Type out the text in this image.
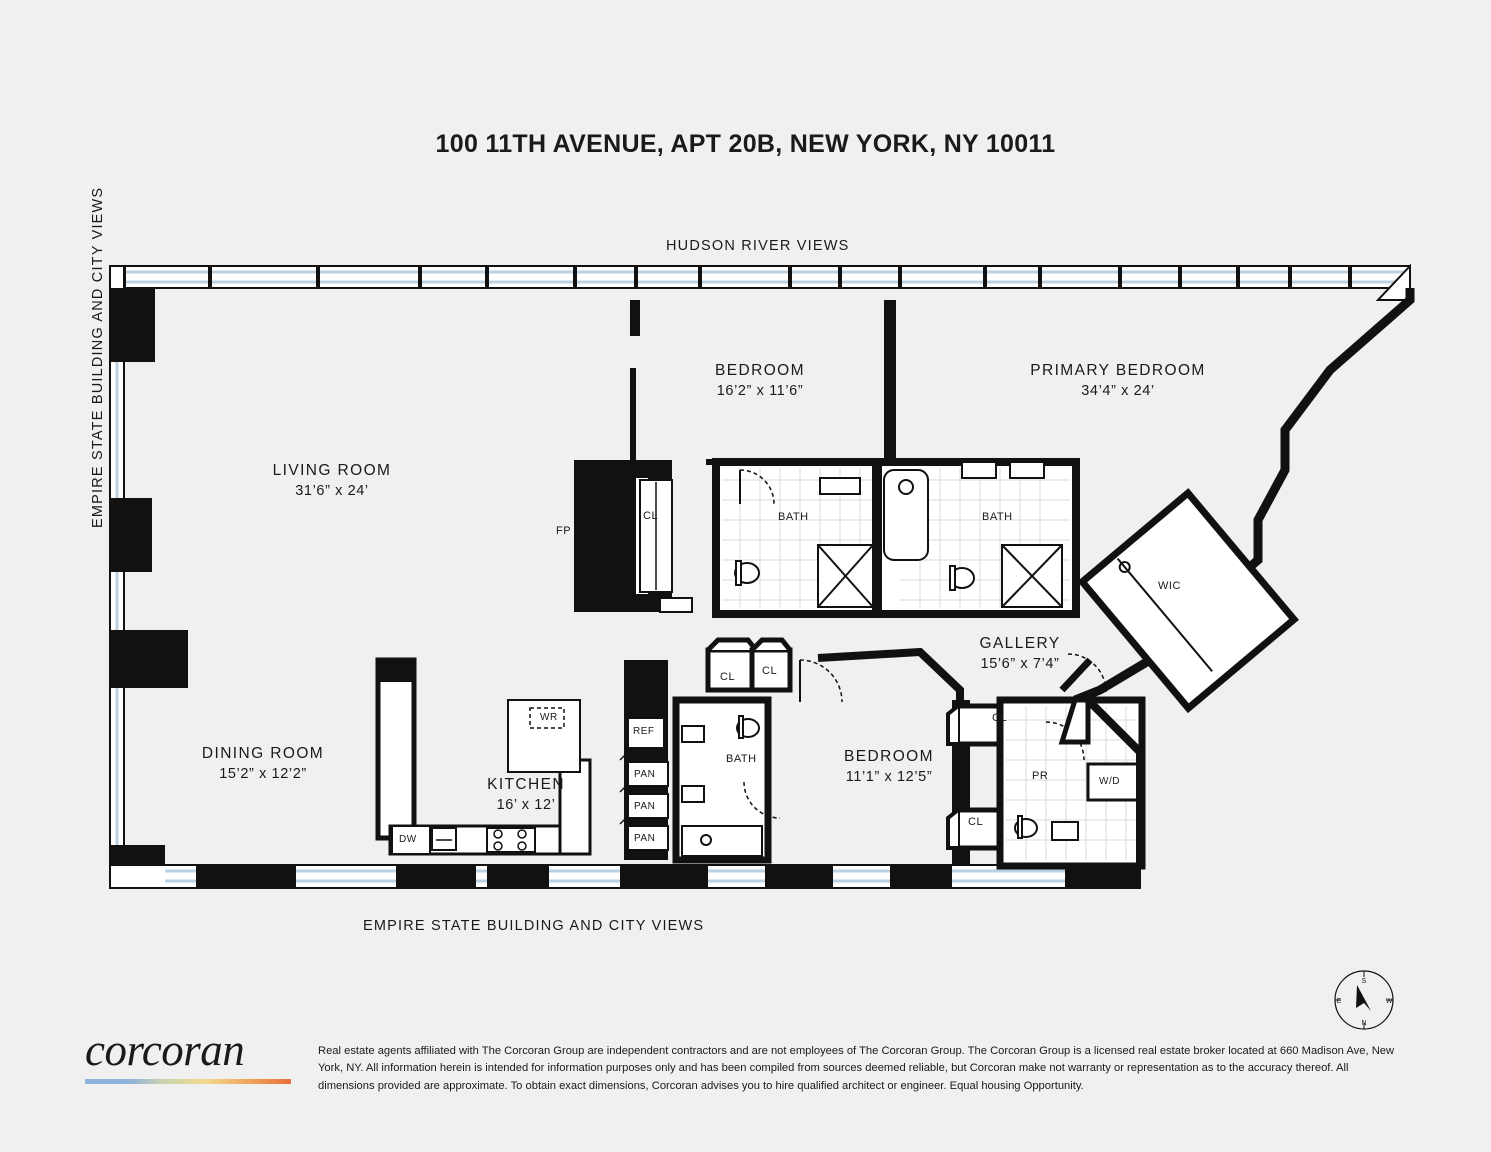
100 11TH AVENUE, APT 20B, NEW YORK, NY 10011
HUDSON RIVER VIEWS
EMPIRE STATE BUILDING AND CITY VIEWS
EMPIRE STATE BUILDING AND CITY VIEWS	LIVING ROOM
31’6” x 24’
BEDROOM
16’2” x 11’6”
PRIMARY BEDROOM
34’4” x 24’
DINING ROOM
15’2” x 12’2”
KITCHEN
16’ x 12’
GALLERY
15’6” x 7’4”
BEDROOM
11’1” x 12’5”
FP
CL	BATH	BATH
WIC
CL CL
CL
CL
PR	W/D
BATH
WR
REF
PAN
PAN
PAN
DW
S
N
E	W
corcoran	Real estate agents affiliated with The Corcoran Group are independent contractors and are not employees of The Corcoran Group. The Corcoran Group is a licensed real estate broker located at 660 Madison Ave, New York, NY. All information herein is intended for information purposes only and has been compiled from sources deemed reliable, but Corcoran make not warranty or representation as to the accuracy thereof. All dimensions provided are approximate. To obtain exact dimensions, Corcoran advises you to hire qualified architect or engineer. Equal housing Opportunity.
